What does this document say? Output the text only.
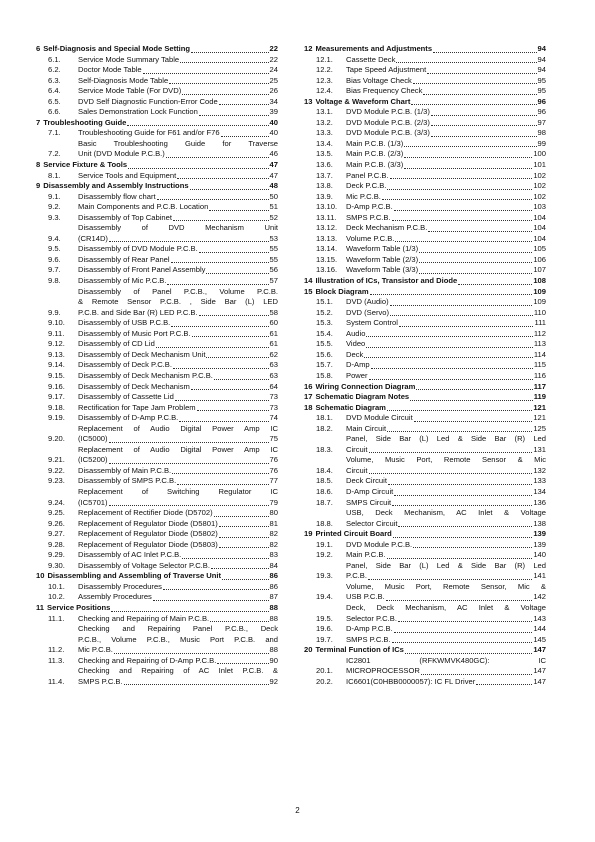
6 Self-Diagnosis and Special Mode Setting	22
6.1.	Service Mode Summary Table	22
6.2.	Doctor Mode Table	24
6.3.	Self-Diagnosis Mode Table	25
6.4.	Service Mode Table (For DVD)	26
6.5.	DVD Self Diagnostic Function-Error Code	34
6.6.	Sales Demonstration Lock Function	39
7 Troubleshooting Guide	40
7.1.	Troubleshooting Guide for F61 and/or F76	40
7.2.
Basic Troubleshooting Guide for Traverse
Unit (DVD Module P.C.B.)	46
8 Service Fixture & Tools	47
8.1.	Service Tools and Equipment	47
9 Disassembly and Assembly Instructions	48
9.1.	Disassembly flow chart	50
9.2.	Main Components and P.C.B. Location	51
9.3.	Disassembly of Top Cabinet	52
9.4.
Disassembly of DVD Mechanism Unit
(CR14D)	53
9.5.	Disassembly of DVD Module P.C.B.	55
9.6.	Disassembly of Rear Panel	55
9.7.	Disassembly of Front Panel Assembly	56
9.8.	Disassembly of Mic P.C.B.	57
9.9.
Disassembly of Panel P.C.B., Volume P.C.B.
& Remote Sensor P.C.B. , Side Bar (L) LED
P.C.B. and Side Bar (R) LED P.C.B.	58
9.10.	Disassembly of USB P.C.B.	60
9.11.	Disassembly of Music Port P.C.B.	61
9.12.	Disassembly of CD Lid	61
9.13.	Disassembly of Deck Mechanism Unit	62
9.14.	Disassembly of Deck P.C.B.	63
9.15.	Disassembly of Deck Mechanism P.C.B.	63
9.16.	Disassembly of Deck Mechanism	64
9.17.	Disassembly of Cassette Lid	73
9.18.	Rectification for Tape Jam Problem	73
9.19.	Disassembly of D-Amp P.C.B.	74
9.20.
Replacement of Audio Digital Power Amp IC
(IC5000)	75
9.21.
Replacement of Audio Digital Power Amp IC
(IC5200)	76
9.22.	Disassembly of Main P.C.B.	76
9.23.	Disassembly of SMPS P.C.B.	77
9.24.
Replacement of Switching Regulator IC
(IC5701)	79
9.25.	Replacement of Rectifier Diode (D5702)	80
9.26.	Replacement of Regulator Diode (D5801)	81
9.27.	Replacement of Regulator Diode (D5802)	82
9.28.	Replacement of Regulator Diode (D5803)	82
9.29.	Disassembly of AC Inlet P.C.B.	83
9.30.	Disassembly of Voltage Selector P.C.B.	84
10 Disassembling and Assembling of Traverse Unit	86
10.1.	Disassembly Procedures	86
10.2.	Assembly Procedures	87
11 Service Positions	88
11.1.	Checking and Repairing of Main P.C.B.	88
11.2.
Checking and Repairing Panel P.C.B., Deck
P.C.B., Volume P.C.B., Music Port P.C.B. and
Mic P.C.B.	88
11.3.	Checking and Repairing of D-Amp P.C.B.	90
11.4.
Checking and Repairing of AC Inlet P.C.B. &
SMPS P.C.B.	92
12 Measurements and Adjustments	94
12.1.	Cassette Deck	94
12.2.	Tape Speed Adjustment	94
12.3.	Bias Voltage Check	95
12.4.	Bias Frequency Check	95
13 Voltage & Waveform Chart	96
13.1.	DVD Module P.C.B. (1/3)	96
13.2.	DVD Module P.C.B. (2/3)	97
13.3.	DVD Module P.C.B. (3/3)	98
13.4.	Main P.C.B. (1/3)	99
13.5.	Main P.C.B. (2/3)	100
13.6.	Main P.C.B. (3/3)	101
13.7.	Panel P.C.B.	102
13.8.	Deck P.C.B.	102
13.9.	Mic P.C.B.	102
13.10.	D-Amp P.C.B.	103
13.11.	SMPS P.C.B.	104
13.12.	Deck Mechanism P.C.B.	104
13.13.	Volume P.C.B.	104
13.14.	Waveform Table (1/3)	105
13.15.	Waveform Table (2/3)	106
13.16.	Waveform Table (3/3)	107
14 Illustration of ICs, Transistor and Diode	108
15 Block Diagram	109
15.1.	DVD (Audio)	109
15.2.	DVD (Servo)	110
15.3.	System Control	111
15.4.	Audio	112
15.5.	Video	113
15.6.	Deck	114
15.7.	D-Amp	115
15.8.	Power	116
16 Wiring Connection Diagram	117
17 Schematic Diagram Notes	119
18 Schematic Diagram	121
18.1.	DVD Module Circuit	121
18.2.	Main Circuit	125
18.3.
Panel, Side Bar (L) Led & Side Bar (R) Led
Circuit	131
18.4.
Volume, Music Port, Remote Sensor & Mic
Circuit	132
18.5.	Deck Circuit	133
18.6.	D-Amp Circuit	134
18.7.	SMPS Circuit	136
18.8.
USB, Deck Mechanism, AC Inlet & Voltage
Selector Circuit	138
19 Printed Circuit Board	139
19.1.	DVD Module P.C.B.	139
19.2.	Main P.C.B.	140
19.3.
Panel, Side Bar (L) Led & Side Bar (R) Led
P.C.B.	141
19.4.
Volume, Music Port, Remote Sensor, Mic &
USB P.C.B.	142
19.5.
Deck, Deck Mechanism, AC Inlet & Voltage
Selector P.C.B.	143
19.6.	D-Amp P.C.B.	144
19.7.	SMPS P.C.B.	145
20 Terminal Function of ICs	147
20.1.
IC2801 (RFKWMVK480GC): IC
MICROPROCESSOR	147
20.2.	IC6601(C0HBB0000057): IC FL Driver	147
2
